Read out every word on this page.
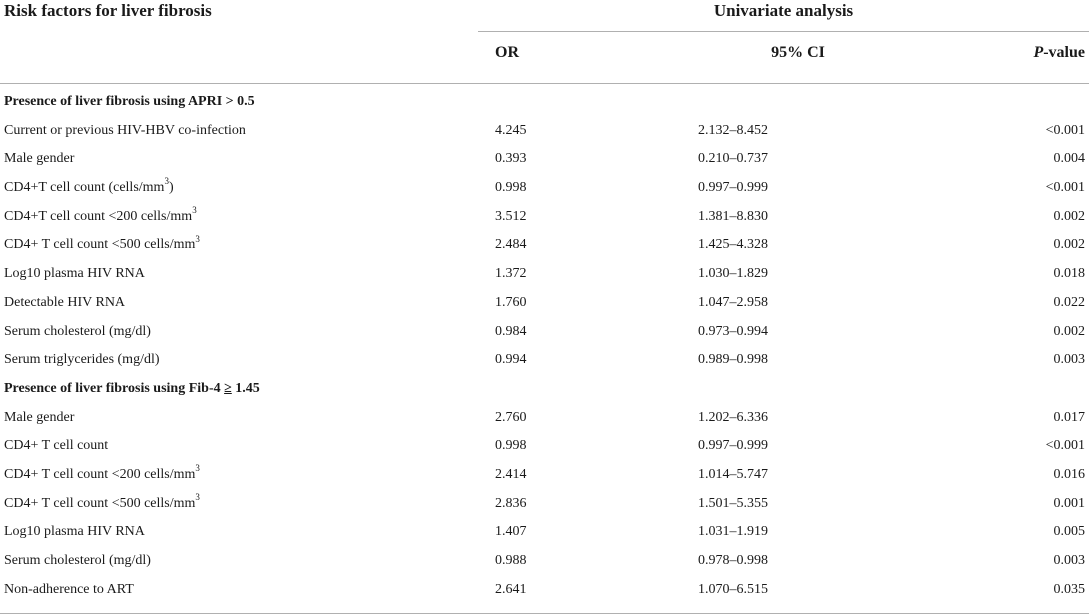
Risk factors for liver fibrosis	Univariate analysis
OR	95% CI	P-value
Presence of liver fibrosis using APRI > 0.5
Current or previous HIV-HBV co-infection	4.245	2.132–8.452	<0.001
Male gender	0.393	0.210–0.737	0.004
CD4+T cell count $(cells/mm^3)$	0.998	0.997–0.999	<0.001
CD4+T cell count <200 cells/$mm^3$	3.512	1.381–8.830	0.002
CD4+ T cell count <500 cells/$mm^3$	2.484	1.425–4.328	0.002
Log10 plasma HIV RNA	1.372	1.030–1.829	0.018
Detectable HIV RNA	1.760	1.047–2.958	0.022
Serum cholesterol (mg/dl)	0.984	0.973–0.994	0.002
Serum triglycerides (mg/dl)	0.994	0.989–0.998	0.003
Presence of liver fibrosis using Fib-4 ≥ 1.45
Male gender	2.760	1.202–6.336	0.017
CD4+ T cell count	0.998	0.997–0.999	<0.001
CD4+ T cell count <200 cells/$mm^3$	2.414	1.014–5.747	0.016
CD4+ T cell count <500 cells/$mm^3$	2.836	1.501–5.355	0.001
Log10 plasma HIV RNA	1.407	1.031–1.919	0.005
Serum cholesterol (mg/dl)	0.988	0.978–0.998	0.003
Non-adherence to ART	2.641	1.070–6.515	0.035
